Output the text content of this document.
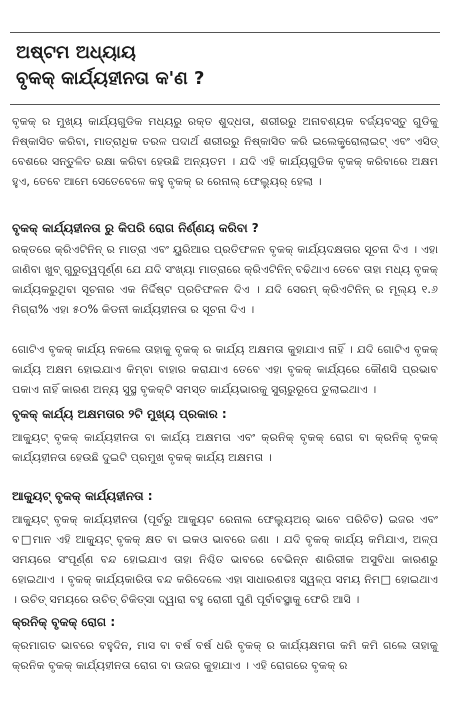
ଅଷ୍ଟମ ଅଧ୍ୟାୟ
ବୃକକ୍ କାର୍ଯ୍ୟହୀନତା କ'ଣ ?

ବୃକକ୍ ର ମୁଖ୍ୟ କାର୍ଯ୍ୟଗୁଡିକ ମଧ୍ୟରୁ ରକ୍ତ ଶୁଦ୍ଧତା, ଶରୀରରୁ ଅନାବଶ୍ୟକ ବର୍ଜ୍ୟବସ୍ତୁ ଗୁଡିକୁ ନିଷ୍କାସିତ କରିବା, ମାତ୍ରାଧିକ ତରଳ ପଦାର୍ଥ ଶରୀରରୁ ନିଷ୍କାସିତ କରି ଇଲେକ୍ଟ୍ରୋଲାଇଟ୍ ଏବଂ ଏସିଡ୍ ବେଶରେ ସନ୍ତୁଳିତ ରକ୍ଷା କରିବା ହେଉଛି ଅନ୍ୟତମ । ଯଦି ଏହି କାର୍ଯ୍ୟଗୁଡିକ ବୃକକ୍ କରିବାରେ ଅକ୍ଷମ ହୁଏ, ତେବେ ଆମେ ସେତେବେଳେ କହୁ ବୃକକ୍ ର ରେନାଲ୍ ଫେଲ୍ୟୁର୍ ହେଲା ।

ବୃକକ୍ କାର୍ଯ୍ୟହୀନତା ରୁ କିପରି ରୋଗ ନିର୍ଣ୍ଣୟ କରିବା ?

ରକ୍ତରେ କ୍ରିଏଟିନିନ୍ ର ମାତ୍ରା ଏବଂ ୟୁରିଆର ପ୍ରତିଫଳନ ବୃକକ୍ କାର୍ଯ୍ୟଦକ୍ଷତାର ସୂଚନା ଦିଏ । ଏହା ଜାଣିବା ଖୁବ୍ ଗୁରୁତ୍ୱପୂର୍ଣ୍ଣ ଯେ ଯଦି ସଂଖ୍ୟା ମାତ୍ରାରେ କ୍ରିଏଟିନିନ୍ ବଢିଥାଏ ତେବେ ତାହା ମଧ୍ୟ ବୃକକ୍ କାର୍ଯ୍ୟକରୁଥିବା ସୂଚନାର ଏକ ନିର୍ଦ୍ଦିଷ୍ଟ ପ୍ରତିଫଳନ ଦିଏ । ଯଦି ସେରମ୍ କ୍ରିଏଟିନିନ୍ ର ମୂଲ୍ୟ ୧.୬ ମିଗ୍ରା% ଏହା ୫୦% କିଡନୀ କାର୍ଯ୍ୟହୀନତା ର ସୂଚନା ଦିଏ ।

ଗୋଟିଏ ବୃକକ୍ କାର୍ଯ୍ୟ ନକଲେ ତାହାକୁ ବୃକକ୍ ର କାର୍ଯ୍ୟ ଅକ୍ଷମତା କୁହାଯାଏ ନାହିଁ । ଯଦି ଗୋଟିଏ ବୃକକ୍ କାର୍ଯ୍ୟ ଅକ୍ଷମ ହୋଇଯାଏ କିମ୍ବା ବାହାର କରାଯାଏ ତେବେ ଏହା ବୃକକ୍ କାର୍ଯ୍ୟରେ କୌଣସି ପ୍ରଭାବ ପକାଏ ନାହିଁ କାରଣ ଅନ୍ୟ ସୁସ୍ଥ ବୃକକ୍ଟି ସମସ୍ତ କାର୍ଯ୍ୟଭାରକୁ ସୁଚାରୁରୂପେ ତୁଲାଇଥାଏ ।

ବୃକକ୍ କାର୍ଯ୍ୟ ଅକ୍ଷମତାର ୨ଟି ମୁଖ୍ୟ ପ୍ରକାର :

ଆକ୍ୟୁଟ୍ ବୃକକ୍ କାର୍ଯ୍ୟହୀନତା ବା କାର୍ଯ୍ୟ ଅକ୍ଷମତା ଏବଂ କ୍ରନିକ୍ ବୃକକ୍ ରୋଗ ବା କ୍ରନିକ୍ ବୃକକ୍ କାର୍ଯ୍ୟହୀନତା ହେଉଛି ଦୁଇଟି ପ୍ରମୁଖ ବୃକକ୍ କାର୍ଯ୍ୟ ଅକ୍ଷମତା ।

ଆକ୍ୟୁଟ୍ ବୃକକ୍ କାର୍ଯ୍ୟହୀନତା :

ଆକ୍ୟୁଟ୍ ବୃକକ୍ କାର୍ଯ୍ୟହୀନତା (ପୂର୍ବରୁ ଆକ୍ୟୁଟ ରେନାଲ ଫେଲ୍ୟୁଅର୍ ଭାବେ ପରିଚିତ) ଇଜର ଏବଂ ବ□ମାନ ଏହି ଆକ୍ୟୁଟ୍ ବୃକକ୍ କ୍ଷତ ବା ଇକଓ ଭାବରେ ଜଣା । ଯଦି ବୃକକ୍ କାର୍ଯ୍ୟ କମିଯାଏ, ଅଳ୍ପ ସମୟରେ ସଂପୂର୍ଣ୍ଣ ବନ୍ଦ ହୋଇଯାଏ ତାହା ନିଶ୍ଚିତ ଭାବରେ ବେଭିନ୍ନ ଶାରିରୀକ ଅସୁବିଧା କାରଣରୁ ହୋଇଥାଏ । ବୃକକ୍ କାର୍ଯ୍ୟକାରିତା ବନ୍ଦ କରିଦେଲେ ଏହା ସାଧାରଣତଃ ସ୍ୱଳ୍ପ ସମୟ ନିମ□ ହୋଇଥାଏ । ଉଚିତ୍ ସମୟରେ ଉଚିତ୍ ଚିକିତ୍ସା ଦ୍ୱାରା ବହୁ ରୋଗୀ ପୁଣି ପୂର୍ବାବସ୍ଥାକୁ ଫେରି ଆସି ।

କ୍ରନିକ୍ ବୃକକ୍ ରୋଗ :

କ୍ରମାଗତ ଭାବରେ ବହୁଦିନ, ମାସ ବା ବର୍ଷ ବର୍ଷ ଧରି ବୃକକ୍ ର କାର୍ଯ୍ୟକ୍ଷମତା କମି କମି ଗଲେ ତାହାକୁ କ୍ରନିକ ବୃକକ୍ କାର୍ଯ୍ୟହୀନତା ରୋଗ ବା ଉଜର କୁହାଯାଏ । ଏହି ରୋଗରେ ବୃକକ୍ ର
